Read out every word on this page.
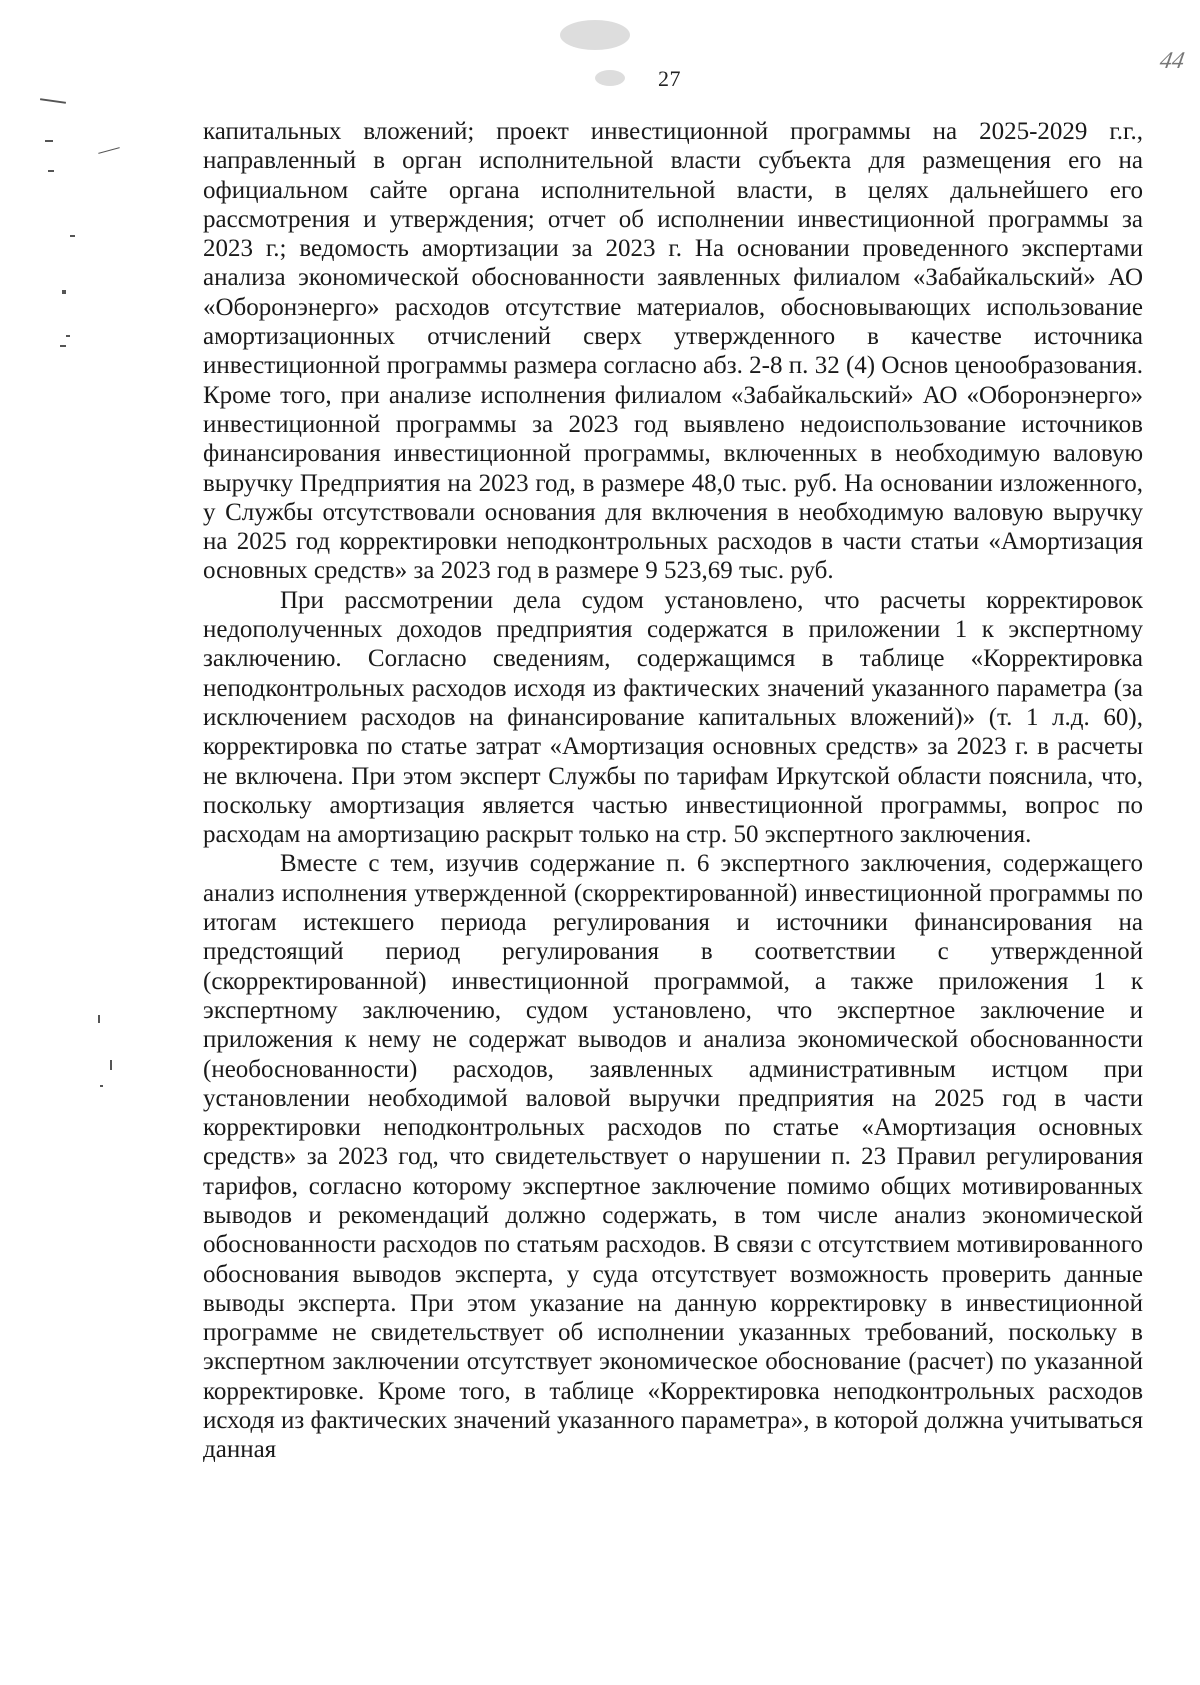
27
44

капитальных вложений; проект инвестиционной программы на 2025-2029 г.г., направленный в орган исполнительной власти субъекта для размещения его на официальном сайте органа исполнительной власти, в целях дальнейшего его рассмотрения и утверждения; отчет об исполнении инвестиционной программы за 2023 г.; ведомость амортизации за 2023 г. На основании проведенного экспертами анализа экономической обоснованности заявленных филиалом «Забайкальский» АО «Оборонэнерго» расходов отсутствие материалов, обосновывающих использование амортизационных отчислений сверх утвержденного в качестве источника инвестиционной программы размера согласно абз. 2-8 п. 32 (4) Основ ценообразования. Кроме того, при анализе исполнения филиалом «Забайкальский» АО «Оборонэнерго» инвестиционной программы за 2023 год выявлено недоиспользование источников финансирования инвестиционной программы, включенных в необходимую валовую выручку Предприятия на 2023 год, в размере 48,0 тыс. руб. На основании изложенного, у Службы отсутствовали основания для включения в необходимую валовую выручку на 2025 год корректировки неподконтрольных расходов в части статьи «Амортизация основных средств» за 2023 год в размере 9 523,69 тыс. руб.

При рассмотрении дела судом установлено, что расчеты корректировок недополученных доходов предприятия содержатся в приложении 1 к экспертному заключению. Согласно сведениям, содержащимся в таблице «Корректировка неподконтрольных расходов исходя из фактических значений указанного параметра (за исключением расходов на финансирование капитальных вложений)» (т. 1 л.д. 60), корректировка по статье затрат «Амортизация основных средств» за 2023 г. в расчеты не включена. При этом эксперт Службы по тарифам Иркутской области пояснила, что, поскольку амортизация является частью инвестиционной программы, вопрос по расходам на амортизацию раскрыт только на стр. 50 экспертного заключения.

Вместе с тем, изучив содержание п. 6 экспертного заключения, содержащего анализ исполнения утвержденной (скорректированной) инвестиционной программы по итогам истекшего периода регулирования и источники финансирования на предстоящий период регулирования в соответствии с утвержденной (скорректированной) инвестиционной программой, а также приложения 1 к экспертному заключению, судом установлено, что экспертное заключение и приложения к нему не содержат выводов и анализа экономической обоснованности (необоснованности) расходов, заявленных административным истцом при установлении необходимой валовой выручки предприятия на 2025 год в части корректировки неподконтрольных расходов по статье «Амортизация основных средств» за 2023 год, что свидетельствует о нарушении п. 23 Правил регулирования тарифов, согласно которому экспертное заключение помимо общих мотивированных выводов и рекомендаций должно содержать, в том числе анализ экономической обоснованности расходов по статьям расходов. В связи с отсутствием мотивированного обоснования выводов эксперта, у суда отсутствует возможность проверить данные выводы эксперта. При этом указание на данную корректировку в инвестиционной программе не свидетельствует об исполнении указанных требований, поскольку в экспертном заключении отсутствует экономическое обоснование (расчет) по указанной корректировке. Кроме того, в таблице «Корректировка неподконтрольных расходов исходя из фактических значений указанного параметра», в которой должна учитываться данная
